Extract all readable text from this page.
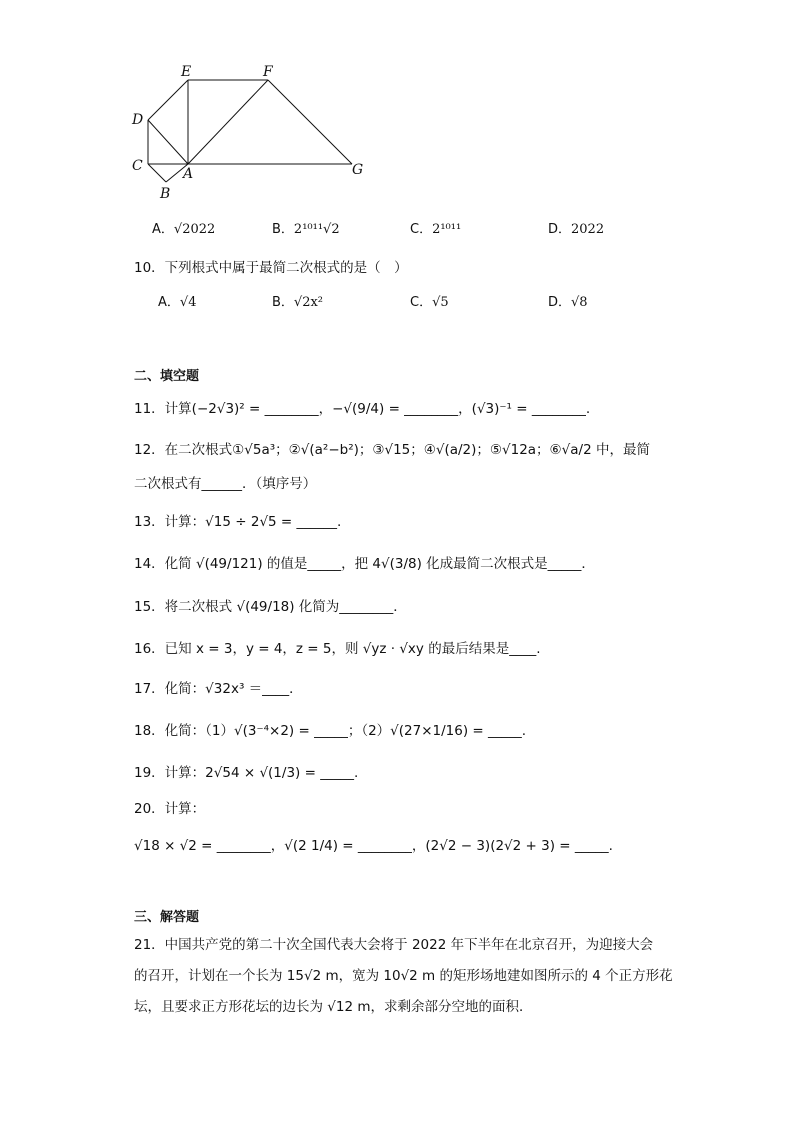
E	F
D
C	A
B
G
A．√2022	B．2¹⁰¹¹√2	C．2¹⁰¹¹	D．2022
10．下列根式中属于最简二次根式的是（　）
A．√4	B．√2x²	C．√5	D．√8
二、填空题
11．计算(−2√3)² = ________，−√(9/4) = ________，(√3)⁻¹ = ________.
12．在二次根式①√5a³；②√(a²−b²)；③√15；④√(a/2)；⑤√12a；⑥√a/2 中，最简
二次根式有______．（填序号）
13．计算：√15 ÷ 2√5 = ______.
14．化简 √(49/121) 的值是_____，把 4√(3/8) 化成最简二次根式是_____．
15．将二次根式 √(49/18) 化简为________．
16．已知 x = 3，y = 4，z = 5，则 √yz · √xy 的最后结果是____.
17．化简：√32x³ ＝____．
18．化简：（1）√(3⁻⁴×2) = _____；（2）√(27×1/16) = _____.
19．计算：2√54 × √(1/3) = _____.
20．计算：
√18 × √2 = ________，√(2 1/4) = ________，(2√2 − 3)(2√2 + 3) = _____.
三、解答题
21．中国共产党的第二十次全国代表大会将于 2022 年下半年在北京召开，为迎接大会
的召开，计划在一个长为 15√2 m，宽为 10√2 m 的矩形场地建如图所示的 4 个正方形花
坛，且要求正方形花坛的边长为 √12 m，求剩余部分空地的面积．
